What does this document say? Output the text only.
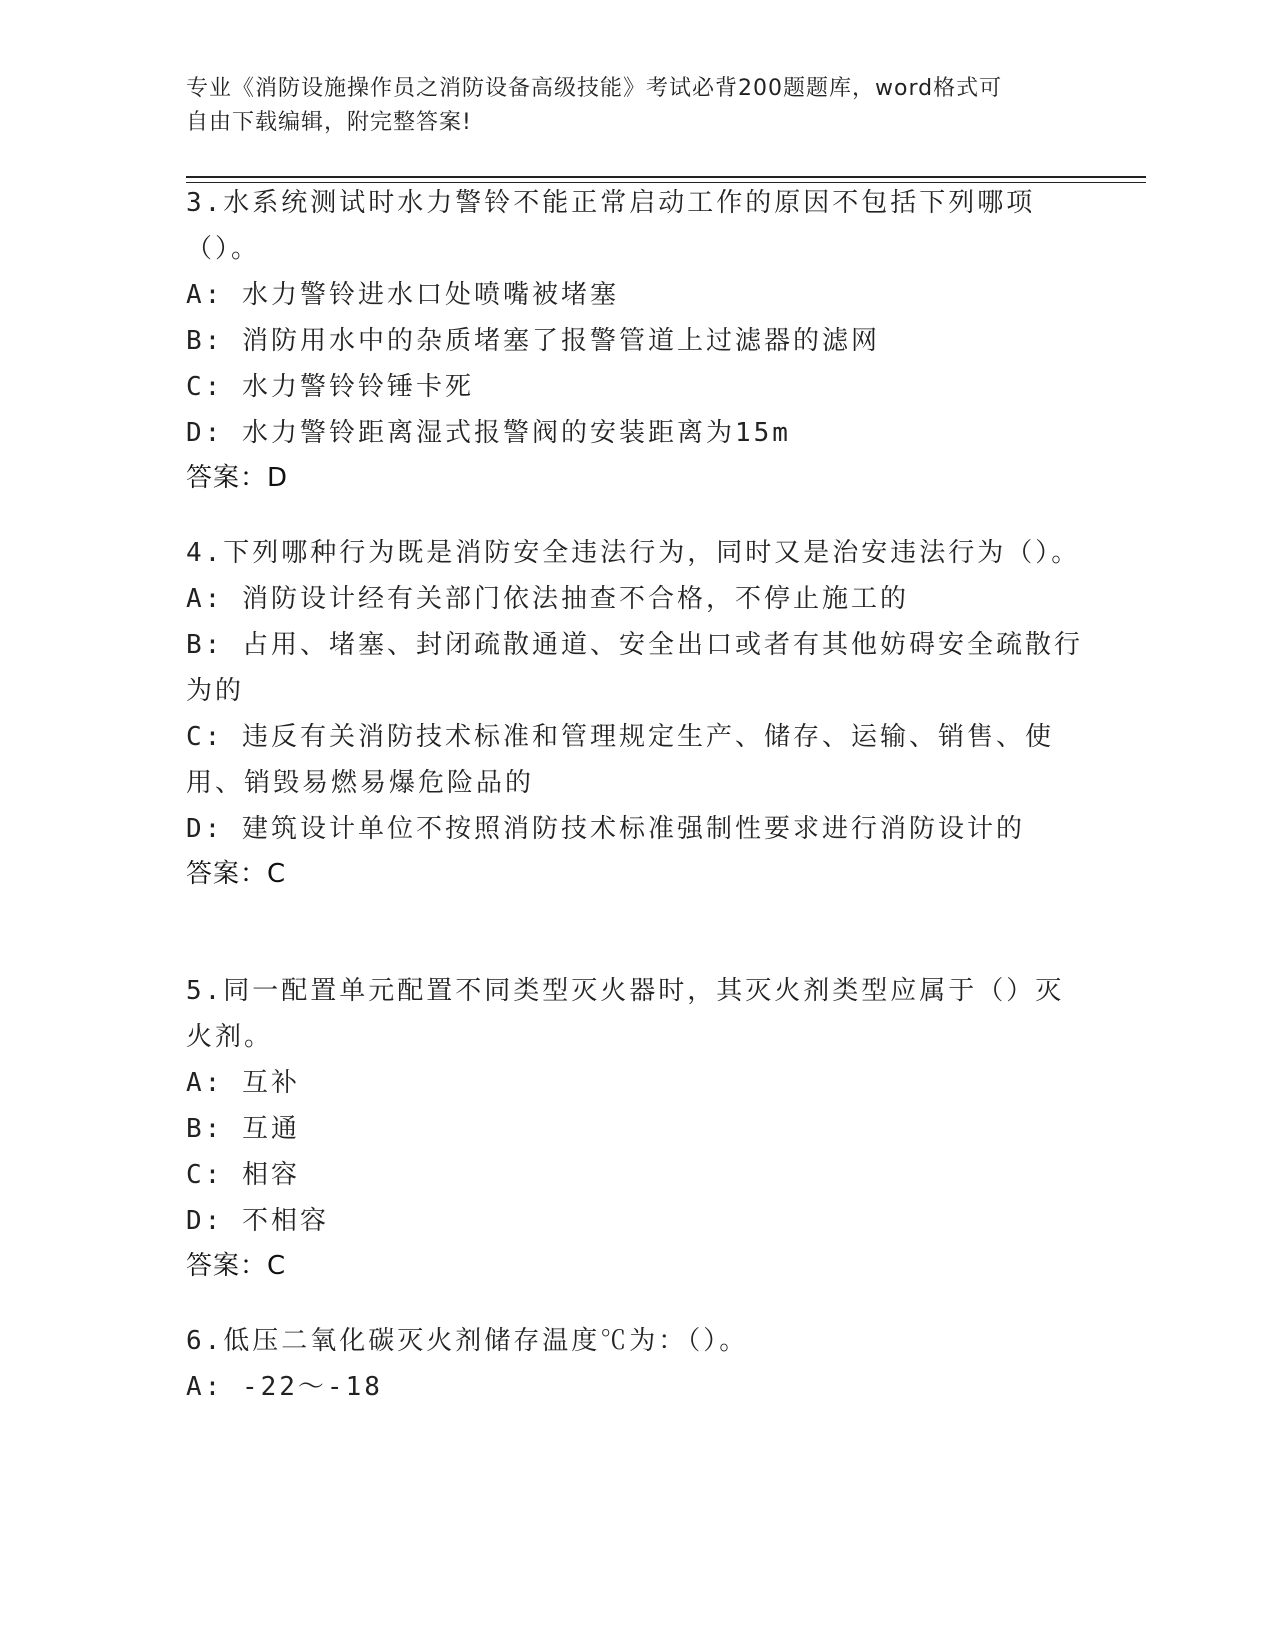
专业《消防设施操作员之消防设备高级技能》考试必背200题题库，word格式可
自由下载编辑，附完整答案!

3.水系统测试时水力警铃不能正常启动工作的原因不包括下列哪项（）。

A: 水力警铃进水口处喷嘴被堵塞

B: 消防用水中的杂质堵塞了报警管道上过滤器的滤网

C: 水力警铃铃锤卡死

D: 水力警铃距离湿式报警阀的安装距离为15m

答案：D

4.下列哪种行为既是消防安全违法行为，同时又是治安违法行为（）。

A: 消防设计经有关部门依法抽查不合格，不停止施工的

B: 占用、堵塞、封闭疏散通道、安全出口或者有其他妨碍安全疏散行为的

C: 违反有关消防技术标准和管理规定生产、储存、运输、销售、使用、销毁易燃易爆危险品的

D: 建筑设计单位不按照消防技术标准强制性要求进行消防设计的

答案：C

5.同一配置单元配置不同类型灭火器时，其灭火剂类型应属于（）灭火剂。

A: 互补

B: 互通

C: 相容

D: 不相容

答案：C

6.低压二氧化碳灭火剂储存温度℃为：（）。

A: -22～-18
